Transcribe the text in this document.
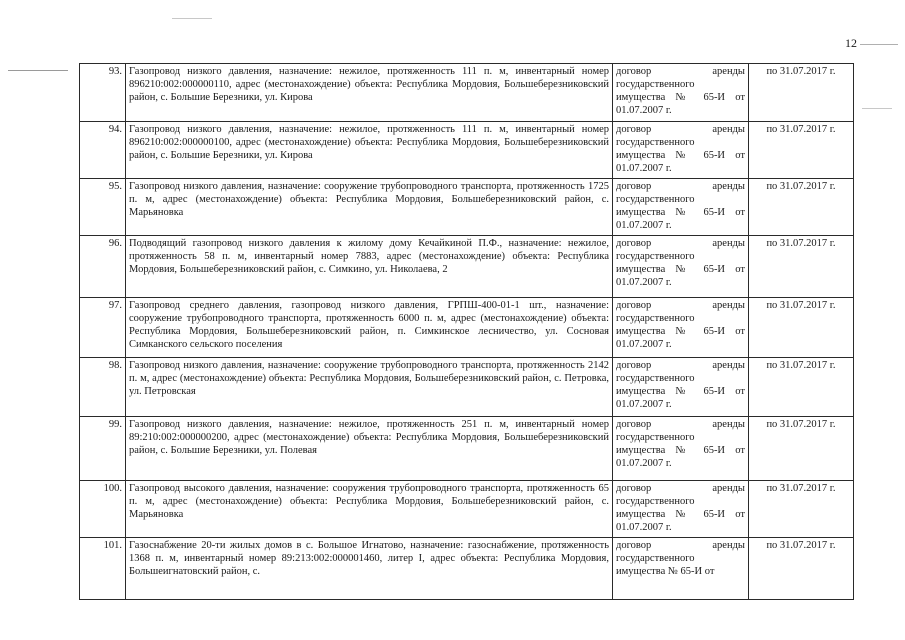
12
93.	Газопровод низкого давления, назначение: нежилое, протяженность 111 п. м, инвентарный номер 896210:002:000000110, адрес (местонахождение) объекта: Республика Мордовия, Большеберезниковский район, с. Большие Березники, ул. Кирова	договор аренды государственного имущества № 65-И от 01.07.2007 г.	по 31.07.2017 г.
94.	Газопровод низкого давления, назначение: нежилое, протяженность 111 п. м, инвентарный номер 896210:002:000000100, адрес (местонахождение) объекта: Республика Мордовия, Большеберезниковский район, с. Большие Березники, ул. Кирова	договор аренды государственного имущества № 65-И от 01.07.2007 г.	по 31.07.2017 г.
95.	Газопровод низкого давления, назначение: сооружение трубопроводного транспорта, протяженность 1725 п. м, адрес (местонахождение) объекта: Республика Мордовия, Большеберезниковский район, с. Марьяновка	договор аренды государственного имущества № 65-И от 01.07.2007 г.	по 31.07.2017 г.
96.	Подводящий газопровод низкого давления к жилому дому Кечайкиной П.Ф., назначение: нежилое, протяженность 58 п. м, инвентарный номер 7883, адрес (местонахождение) объекта: Республика Мордовия, Большеберезниковский район, с. Симкино, ул. Николаева, 2	договор аренды государственного имущества № 65-И от 01.07.2007 г.	по 31.07.2017 г.
97.	Газопровод среднего давления, газопровод низкого давления, ГРПШ-400-01-1 шт., назначение: сооружение трубопроводного транспорта, протяженность 6000 п. м, адрес (местонахождение) объекта: Республика Мордовия, Большеберезниковский район, п. Симкинское лесничество, ул. Сосновая Симканского сельского поселения	договор аренды государственного имущества № 65-И от 01.07.2007 г.	по 31.07.2017 г.
98.	Газопровод низкого давления, назначение: сооружение трубопроводного транспорта, протяженность 2142 п. м, адрес (местонахождение) объекта: Республика Мордовия, Большеберезниковский район, с. Петровка, ул. Петровская	договор аренды государственного имущества № 65-И от 01.07.2007 г.	по 31.07.2017 г.
99.	Газопровод низкого давления, назначение: нежилое, протяженность 251 п. м, инвентарный номер 89:210:002:000000200, адрес (местонахождение) объекта: Республика Мордовия, Большеберезниковский район, с. Большие Березники, ул. Полевая	договор аренды государственного имущества № 65-И от 01.07.2007 г.	по 31.07.2017 г.
100.	Газопровод высокого давления, назначение: сооружения трубопроводного транспорта, протяженность 65 п. м, адрес (местонахождение) объекта: Республика Мордовия, Большеберезниковский район, с. Марьяновка	договор аренды государственного имущества № 65-И от 01.07.2007 г.	по 31.07.2017 г.
101.	Газоснабжение 20-ти жилых домов в с. Большое Игнатово, назначение: газоснабжение, протяженность 1368 п. м, инвентарный номер 89:213:002:000001460, литер I, адрес объекта: Республика Мордовия, Большеигнатовский район, с.	договор аренды государственного имущества № 65-И от	по 31.07.2017 г.
